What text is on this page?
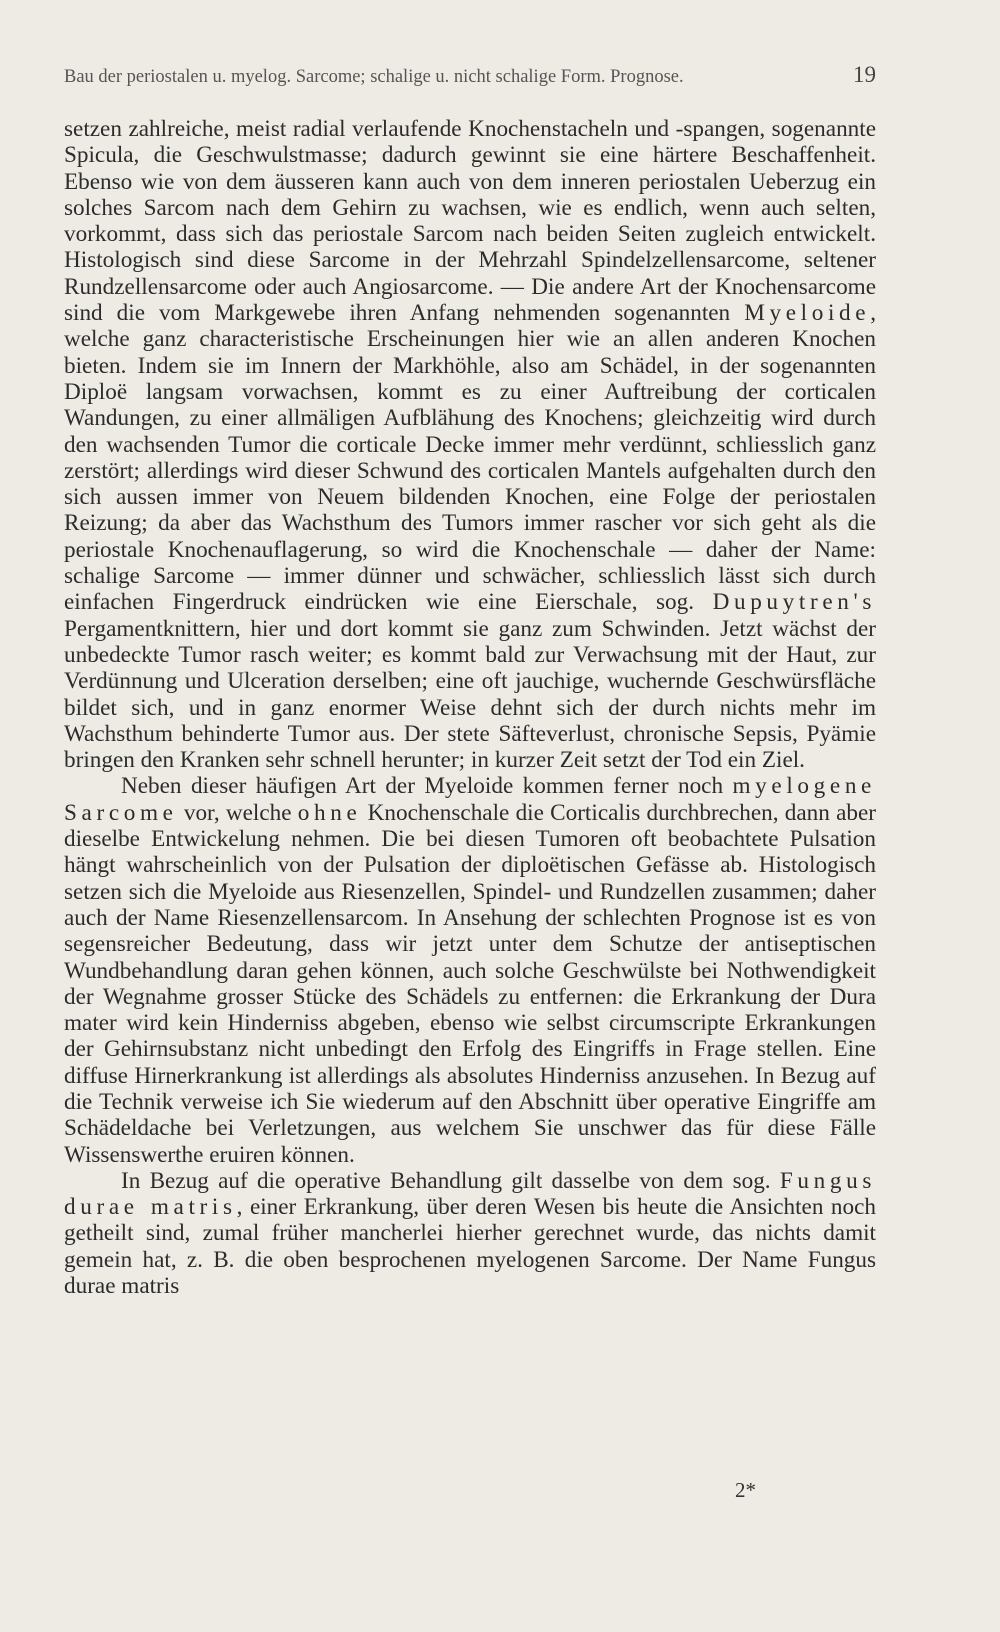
Bau der periostalen u. myelog. Sarcome; schalige u. nicht schalige Form. Prognose.	19

setzen zahlreiche, meist radial verlaufende Knochenstacheln und -spangen, sogenannte Spicula, die Geschwulstmasse; dadurch gewinnt sie eine härtere Beschaffenheit. Ebenso wie von dem äusseren kann auch von dem inneren periostalen Ueberzug ein solches Sarcom nach dem Gehirn zu wachsen, wie es endlich, wenn auch selten, vorkommt, dass sich das periostale Sarcom nach beiden Seiten zugleich entwickelt. Histologisch sind diese Sarcome in der Mehrzahl Spindelzellensarcome, seltener Rundzellensarcome oder auch Angiosarcome. — Die andere Art der Knochensarcome sind die vom Markgewebe ihren Anfang nehmenden sogenannten Myeloide, welche ganz characteristische Erscheinungen hier wie an allen anderen Knochen bieten. Indem sie im Innern der Markhöhle, also am Schädel, in der sogenannten Diploë langsam vorwachsen, kommt es zu einer Auftreibung der corticalen Wandungen, zu einer allmäligen Aufblähung des Knochens; gleichzeitig wird durch den wachsenden Tumor die corticale Decke immer mehr verdünnt, schliesslich ganz zerstört; allerdings wird dieser Schwund des corticalen Mantels aufgehalten durch den sich aussen immer von Neuem bildenden Knochen, eine Folge der periostalen Reizung; da aber das Wachsthum des Tumors immer rascher vor sich geht als die periostale Knochenauflagerung, so wird die Knochenschale — daher der Name: schalige Sarcome — immer dünner und schwächer, schliesslich lässt sich durch einfachen Fingerdruck eindrücken wie eine Eierschale, sog. Dupuytren's Pergamentknittern, hier und dort kommt sie ganz zum Schwinden. Jetzt wächst der unbedeckte Tumor rasch weiter; es kommt bald zur Verwachsung mit der Haut, zur Verdünnung und Ulceration derselben; eine oft jauchige, wuchernde Geschwürsfläche bildet sich, und in ganz enormer Weise dehnt sich der durch nichts mehr im Wachsthum behinderte Tumor aus. Der stete Säfteverlust, chronische Sepsis, Pyämie bringen den Kranken sehr schnell herunter; in kurzer Zeit setzt der Tod ein Ziel.

Neben dieser häufigen Art der Myeloide kommen ferner noch myelogene Sarcome vor, welche ohne Knochenschale die Corticalis durchbrechen, dann aber dieselbe Entwickelung nehmen. Die bei diesen Tumoren oft beobachtete Pulsation hängt wahrscheinlich von der Pulsation der diploëtischen Gefässe ab. Histologisch setzen sich die Myeloide aus Riesenzellen, Spindel- und Rundzellen zusammen; daher auch der Name Riesenzellensarcom. In Ansehung der schlechten Prognose ist es von segensreicher Bedeutung, dass wir jetzt unter dem Schutze der antiseptischen Wundbehandlung daran gehen können, auch solche Geschwülste bei Nothwendigkeit der Wegnahme grosser Stücke des Schädels zu entfernen: die Erkrankung der Dura mater wird kein Hinderniss abgeben, ebenso wie selbst circumscripte Erkrankungen der Gehirnsubstanz nicht unbedingt den Erfolg des Eingriffs in Frage stellen. Eine diffuse Hirnerkrankung ist allerdings als absolutes Hinderniss anzusehen. In Bezug auf die Technik verweise ich Sie wiederum auf den Abschnitt über operative Eingriffe am Schädeldache bei Verletzungen, aus welchem Sie unschwer das für diese Fälle Wissenswerthe eruiren können.

In Bezug auf die operative Behandlung gilt dasselbe von dem sog. Fungus durae matris, einer Erkrankung, über deren Wesen bis heute die Ansichten noch getheilt sind, zumal früher mancherlei hierher gerechnet wurde, das nichts damit gemein hat, z. B. die oben besprochenen myelogenen Sarcome. Der Name Fungus durae matris

2*
